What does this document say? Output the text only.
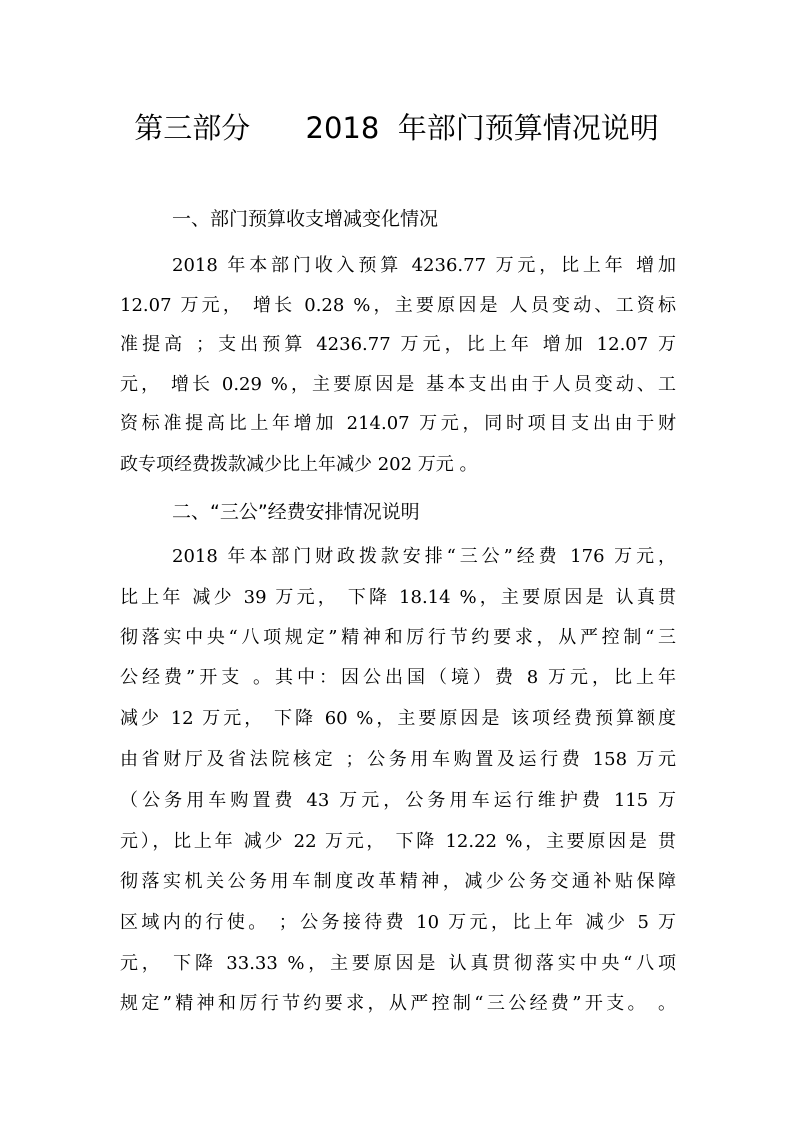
第三部分      2018  年部门预算情况说明
一、部门预算收支增减变化情况
2018 年本部门收入预算 4236.77 万元，比上年 增加
12.07 万元， 增长 0.28 %，主要原因是 人员变动、工资标
准提高 ；支出预算 4236.77 万元，比上年 增加 12.07 万
元， 增长 0.29 %，主要原因是 基本支出由于人员变动、工
资标准提高比上年增加 214.07 万元，同时项目支出由于财
政专项经费拨款减少比上年减少 202 万元 。
二、“三公”经费安排情况说明
2018 年本部门财政拨款安排“三公”经费 176 万元，
比上年 减少 39 万元， 下降 18.14 %，主要原因是 认真贯
彻落实中央“八项规定”精神和厉行节约要求，从严控制“三
公经费”开支 。其中：因公出国（境）费 8 万元，比上年
减少 12 万元， 下降 60 %，主要原因是 该项经费预算额度
由省财厅及省法院核定 ；公务用车购置及运行费 158 万元
（公务用车购置费 43 万元，公务用车运行维护费 115 万
元），比上年 减少 22 万元， 下降 12.22 %，主要原因是 贯
彻落实机关公务用车制度改革精神，减少公务交通补贴保障
区域内的行使。 ；公务接待费 10 万元，比上年 减少 5 万
元， 下降 33.33 %，主要原因是 认真贯彻落实中央“八项
规定”精神和厉行节约要求，从严控制“三公经费”开支。 。
